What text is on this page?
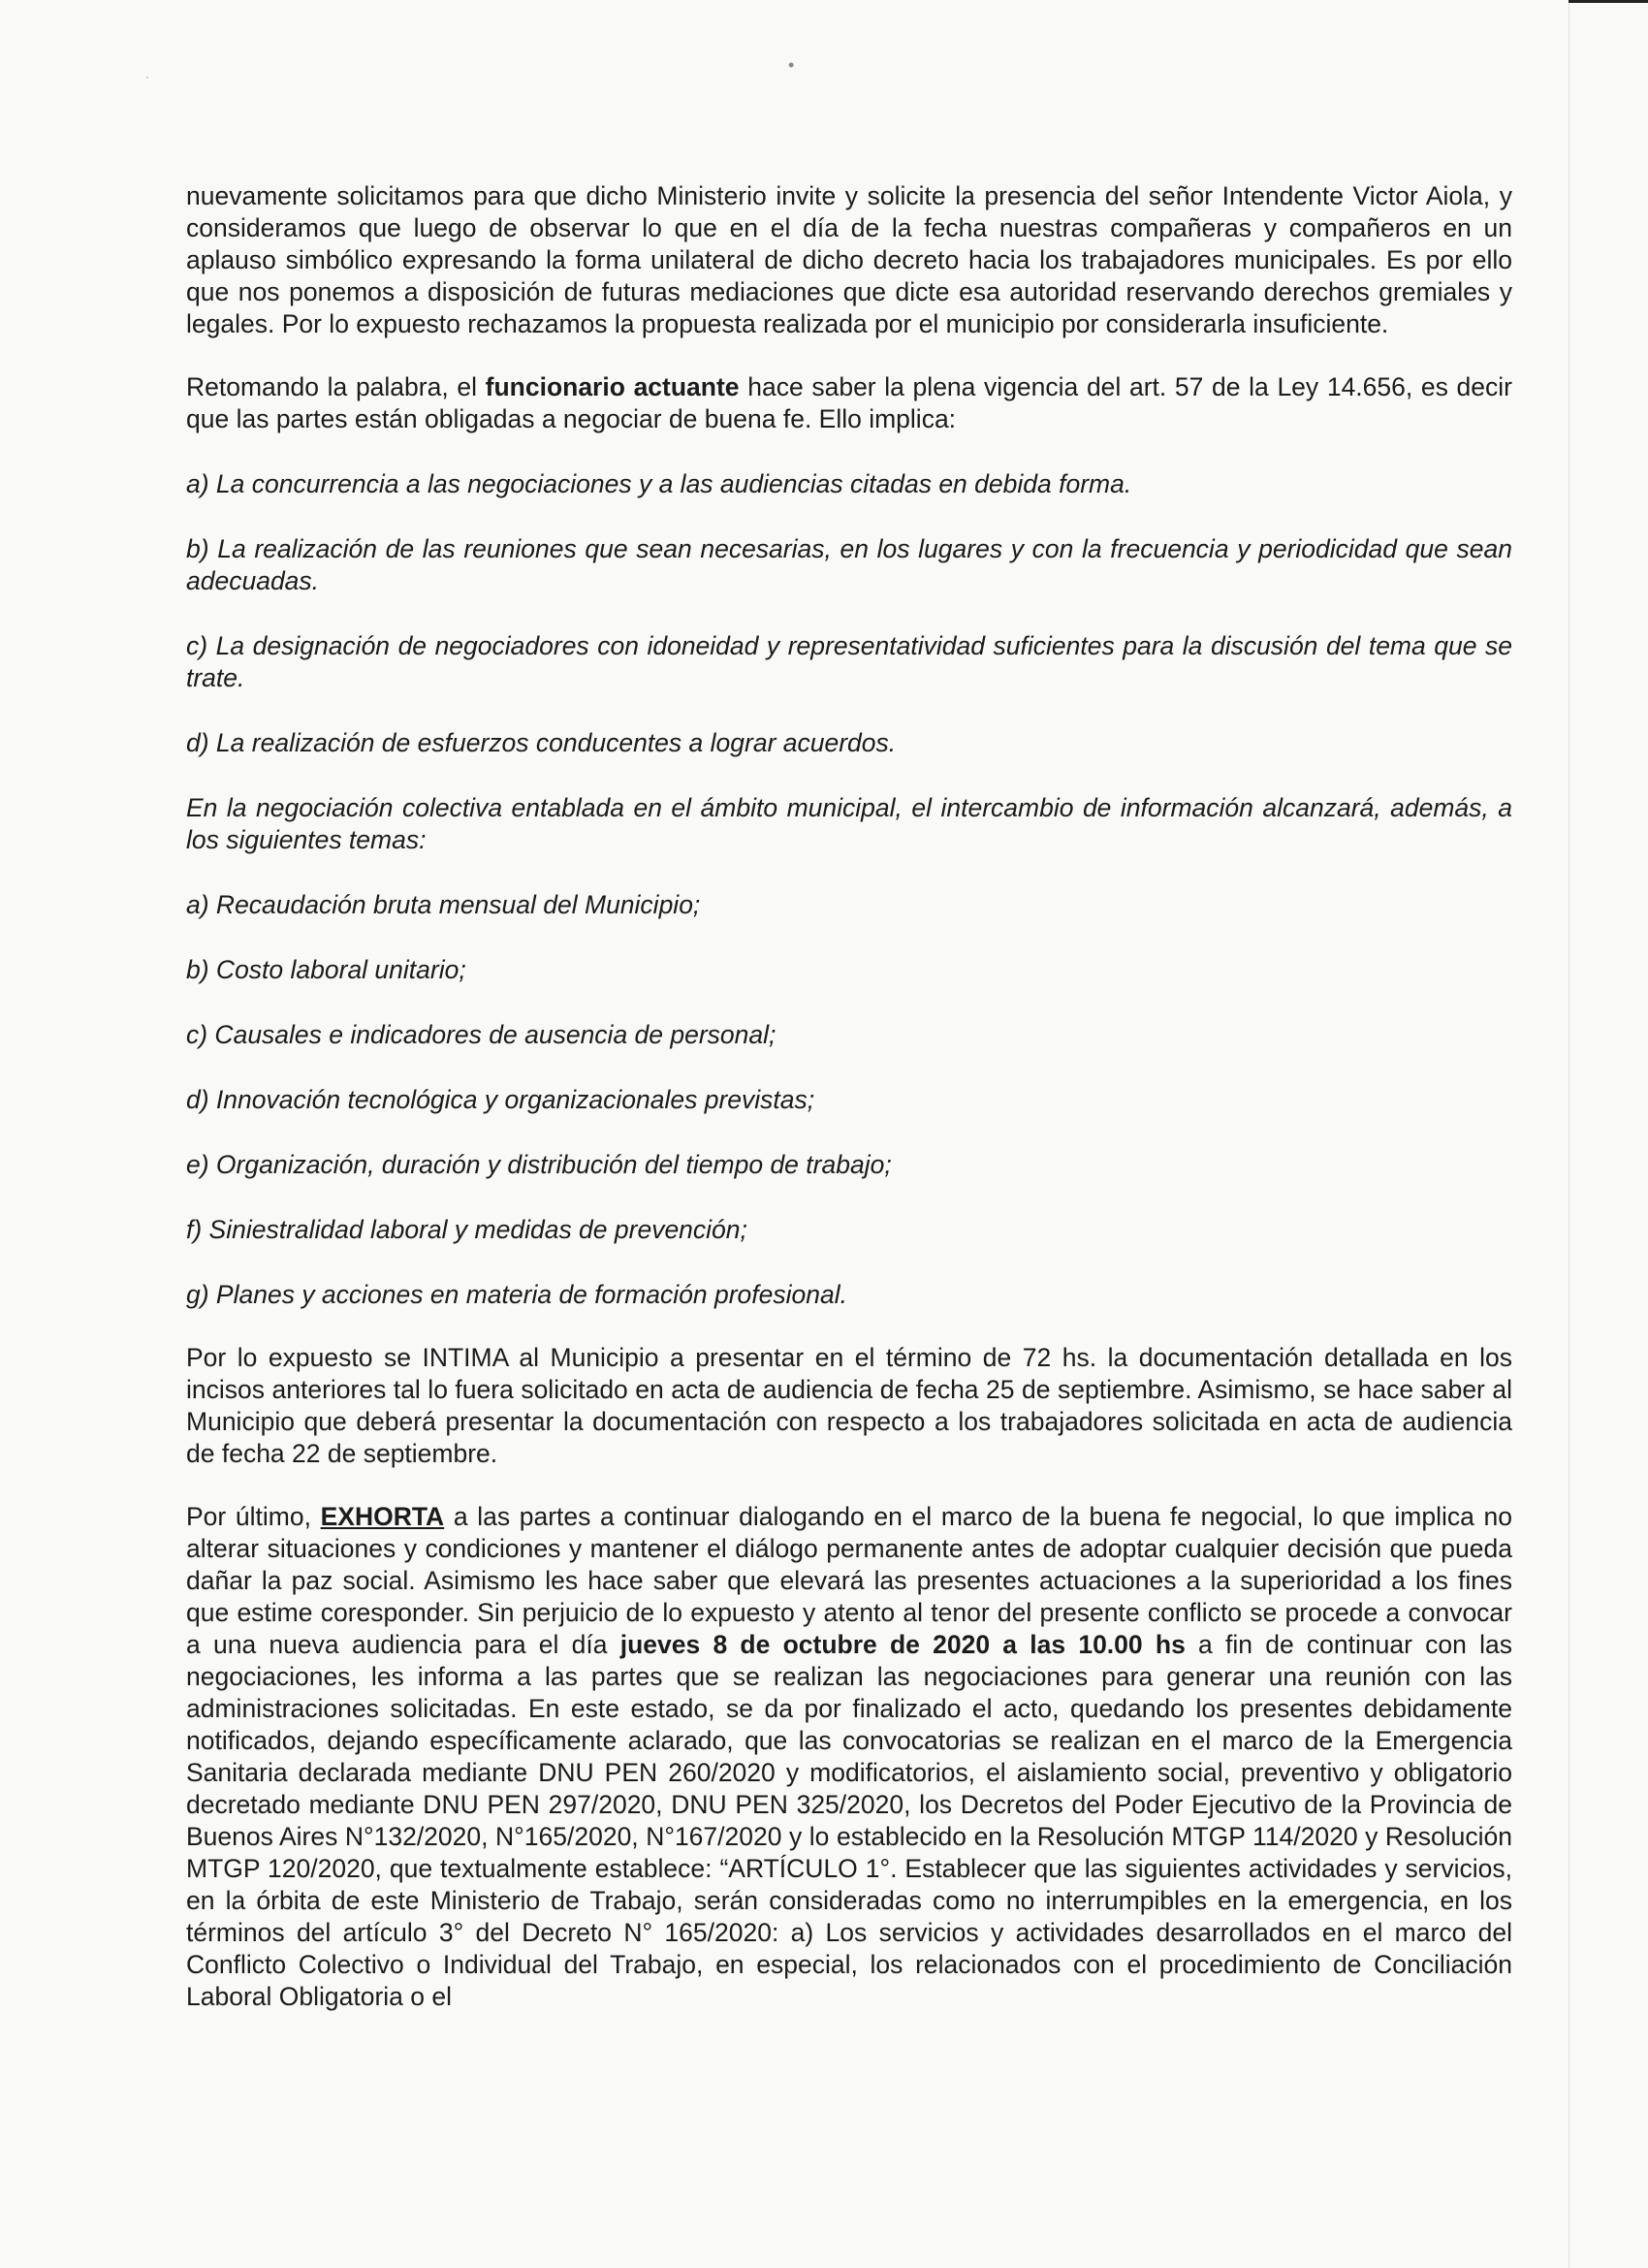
•
·

nuevamente solicitamos para que dicho Ministerio invite y solicite la presencia del señor Intendente Victor Aiola, y consideramos que luego de observar lo que en el día de la fecha nuestras compañeras y compañeros en un aplauso simbólico expresando la forma unilateral de dicho decreto hacia los trabajadores municipales. Es por ello que nos ponemos a disposición de futuras mediaciones que dicte esa autoridad reservando derechos gremiales y legales. Por lo expuesto rechazamos la propuesta realizada por el municipio por considerarla insuficiente.

Retomando la palabra, el funcionario actuante hace saber la plena vigencia del art. 57 de la Ley 14.656, es decir que las partes están obligadas a negociar de buena fe. Ello implica:

a) La concurrencia a las negociaciones y a las audiencias citadas en debida forma.

b) La realización de las reuniones que sean necesarias, en los lugares y con la frecuencia y periodicidad que sean adecuadas.

c) La designación de negociadores con idoneidad y representatividad suficientes para la discusión del tema que se trate.

d) La realización de esfuerzos conducentes a lograr acuerdos.

En la negociación colectiva entablada en el ámbito municipal, el intercambio de información alcanzará, además, a los siguientes temas:

a) Recaudación bruta mensual del Municipio;

b) Costo laboral unitario;

c) Causales e indicadores de ausencia de personal;

d) Innovación tecnológica y organizacionales previstas;

e) Organización, duración y distribución del tiempo de trabajo;

f) Siniestralidad laboral y medidas de prevención;

g) Planes y acciones en materia de formación profesional.

Por lo expuesto se INTIMA al Municipio a presentar en el término de 72 hs. la documentación detallada en los incisos anteriores tal lo fuera solicitado en acta de audiencia de fecha 25 de septiembre. Asimismo, se hace saber al Municipio que deberá presentar la documentación con respecto a los trabajadores solicitada en acta de audiencia de fecha 22 de septiembre.

Por último, EXHORTA a las partes a continuar dialogando en el marco de la buena fe negocial, lo que implica no alterar situaciones y condiciones y mantener el diálogo permanente antes de adoptar cualquier decisión que pueda dañar la paz social. Asimismo les hace saber que elevará las presentes actuaciones a la superioridad a los fines que estime coresponder. Sin perjuicio de lo expuesto y atento al tenor del presente conflicto se procede a convocar a una nueva audiencia para el día jueves 8 de octubre de 2020 a las 10.00 hs a fin de continuar con las negociaciones, les informa a las partes que se realizan las negociaciones para generar una reunión con las administraciones solicitadas. En este estado, se da por finalizado el acto, quedando los presentes debidamente notificados, dejando específicamente aclarado, que las convocatorias se realizan en el marco de la Emergencia Sanitaria declarada mediante DNU PEN 260/2020 y modificatorios, el aislamiento social, preventivo y obligatorio decretado mediante DNU PEN 297/2020, DNU PEN 325/2020, los Decretos del Poder Ejecutivo de la Provincia de Buenos Aires N°132/2020, N°165/2020, N°167/2020 y lo establecido en la Resolución MTGP 114/2020 y Resolución MTGP 120/2020, que textualmente establece: “ARTÍCULO 1°. Establecer que las siguientes actividades y servicios, en la órbita de este Ministerio de Trabajo, serán consideradas como no interrumpibles en la emergencia, en los términos del artículo 3° del Decreto N° 165/2020: a) Los servicios y actividades desarrollados en el marco del Conflicto Colectivo o Individual del Trabajo, en especial, los relacionados con el procedimiento de Conciliación Laboral Obligatoria o el
